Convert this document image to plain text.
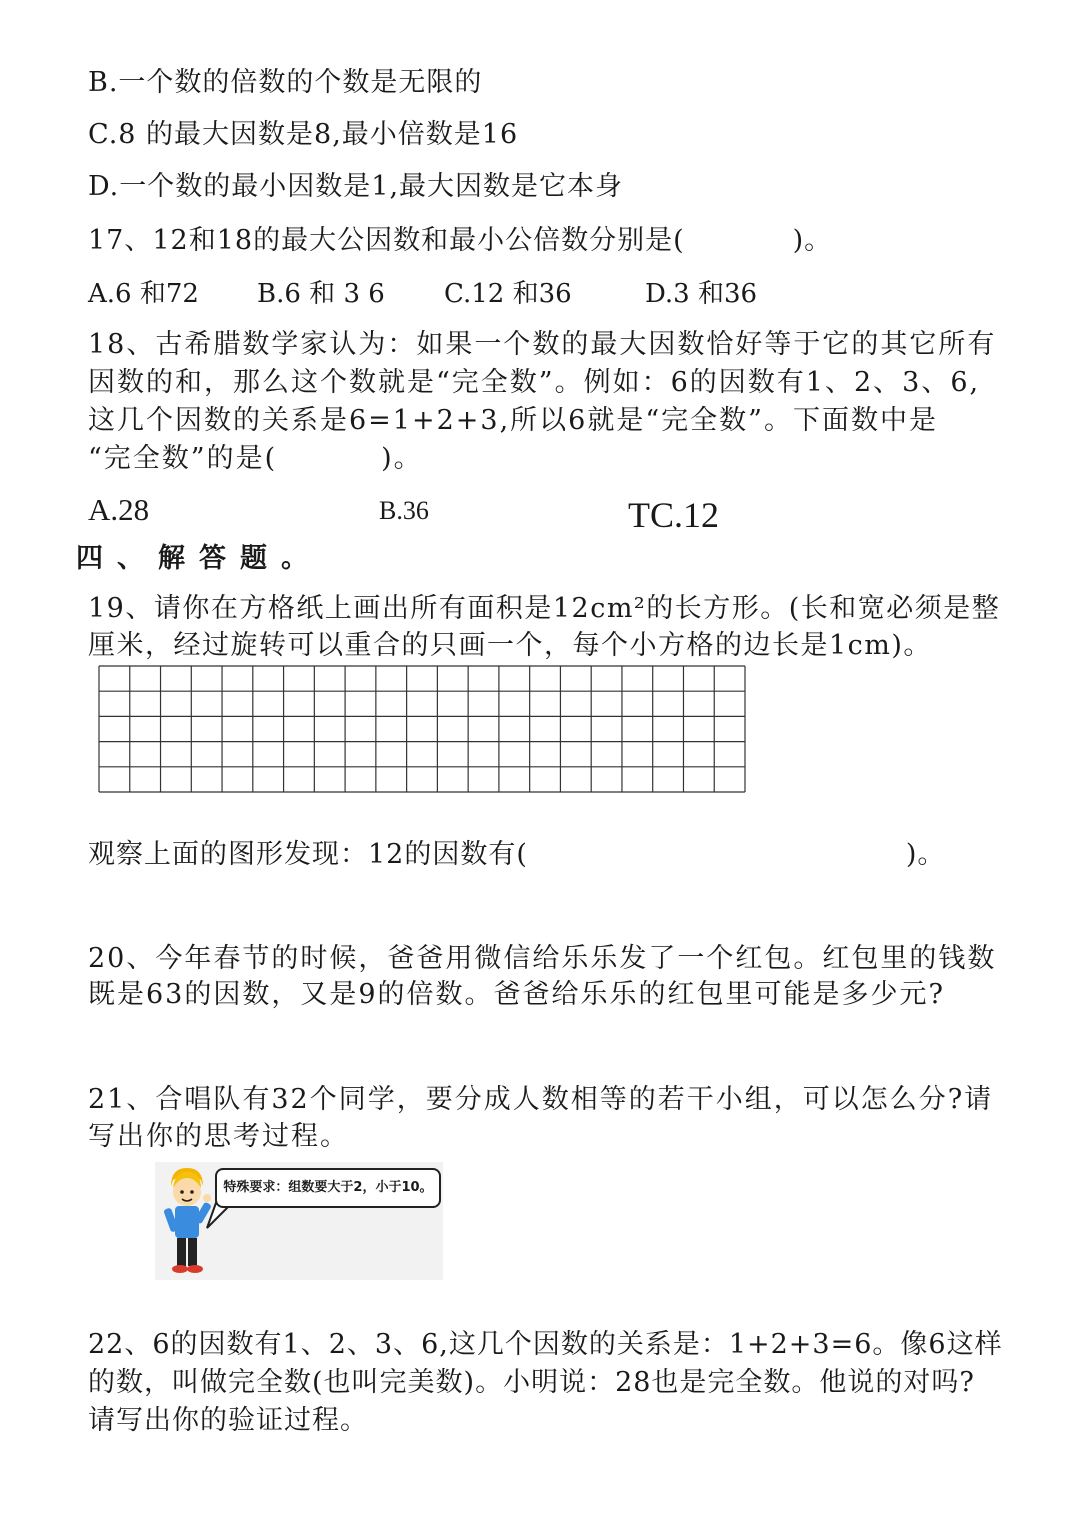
B.一个数的倍数的个数是无限的
C.8 的最大因数是8,最小倍数是16
D.一个数的最小因数是1,最大因数是它本身
17、12和18的最大公因数和最小公倍数分别是(	)。
A.6 和72 B.6 和 3 6 C.12 和36	D.3 和36
18、古希腊数学家认为：如果一个数的最大因数恰好等于它的其它所有
因数的和，那么这个数就是“完全数”。例如：6的因数有1、2、3、6,
这几个因数的关系是6=1+2+3,所以6就是“完全数”。下面数中是
“完全数”的是(	)。
A.28	B.36	TC.12
四、解答题。
19、请你在方格纸上画出所有面积是12cm²的长方形。(长和宽必须是整
厘米，经过旋转可以重合的只画一个，每个小方格的边长是1cm)。
观察上面的图形发现：12的因数有(	)。
20、今年春节的时候，爸爸用微信给乐乐发了一个红包。红包里的钱数
既是63的因数，又是9的倍数。爸爸给乐乐的红包里可能是多少元?
21、合唱队有32个同学，要分成人数相等的若干小组，可以怎么分?请
写出你的思考过程。
特殊要求：组数要大于2，小于10。
22、6的因数有1、2、3、6,这几个因数的关系是：1+2+3=6。像6这样
的数，叫做完全数(也叫完美数)。小明说：28也是完全数。他说的对吗?
请写出你的验证过程。
